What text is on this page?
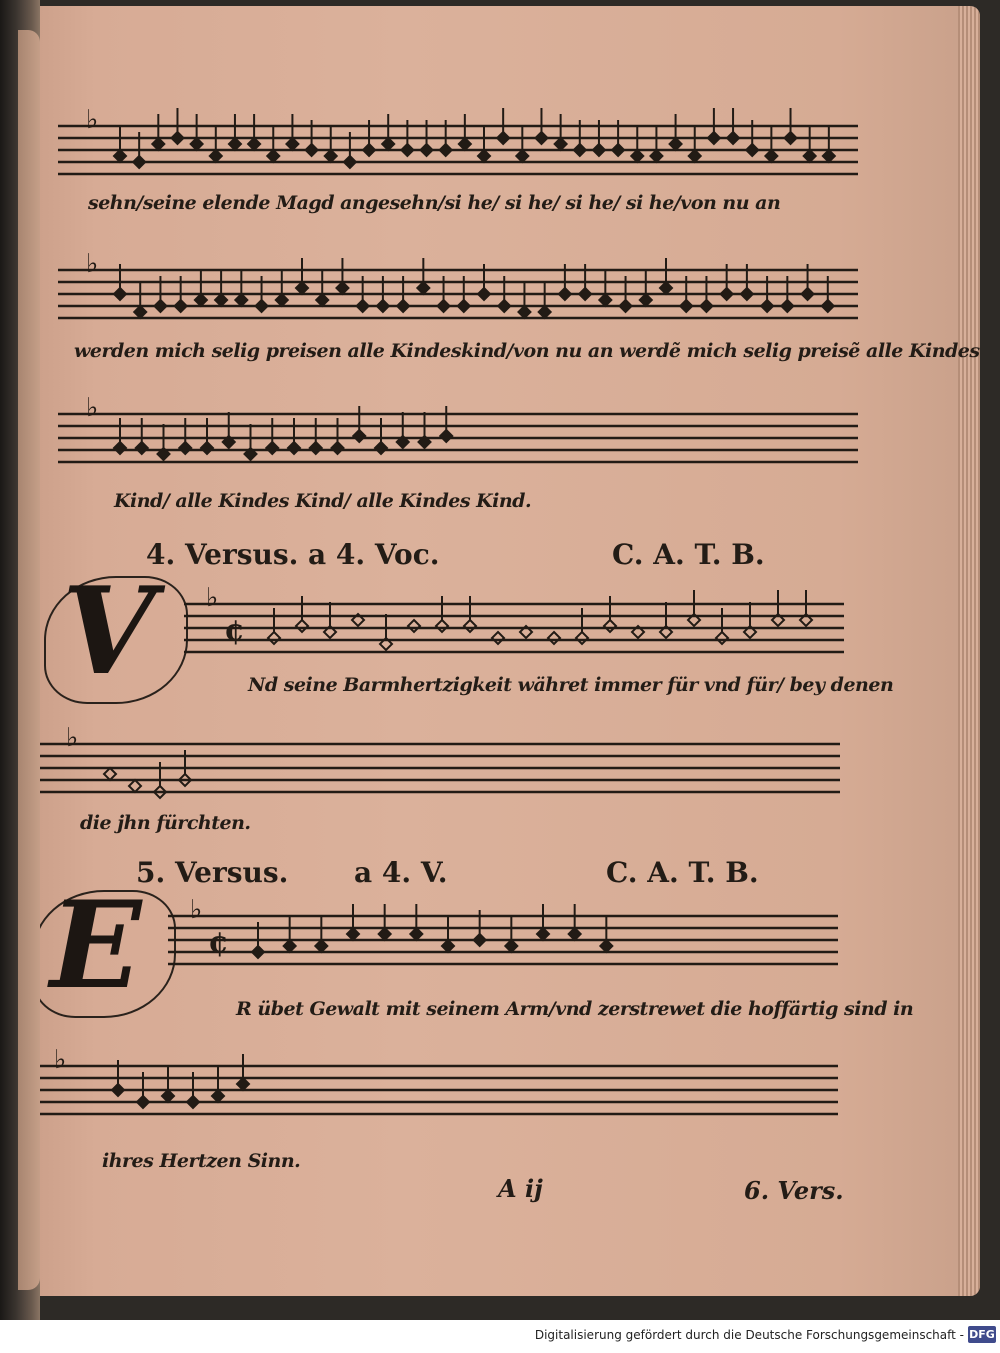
♭
sehn/seine elende Magd angesehn/si he/ si he/ si he/ si he/von nu an
♭
werden mich selig preisen alle Kindeskind/von nu an werdẽ mich selig preisẽ alle Kindes
♭
Kind/ alle Kindes Kind/ alle Kindes Kind.
4. Versus. a 4. Voc.	C. A. T. B.
V ♭
¢
Nd seine Barmhertzigkeit währet immer für vnd für/ bey denen
♭
die jhn fürchten.
5. Versus. a 4. V.	C. A. T. B.
E ♭
¢
R übet Gewalt mit seinem Arm/vnd zerstrewet die hoffärtig sind in
♭
ihres Hertzen Sinn.
A ij	6. Vers.
Digitalisierung gefördert durch die Deutsche Forschungsgemeinschaft - DFG
